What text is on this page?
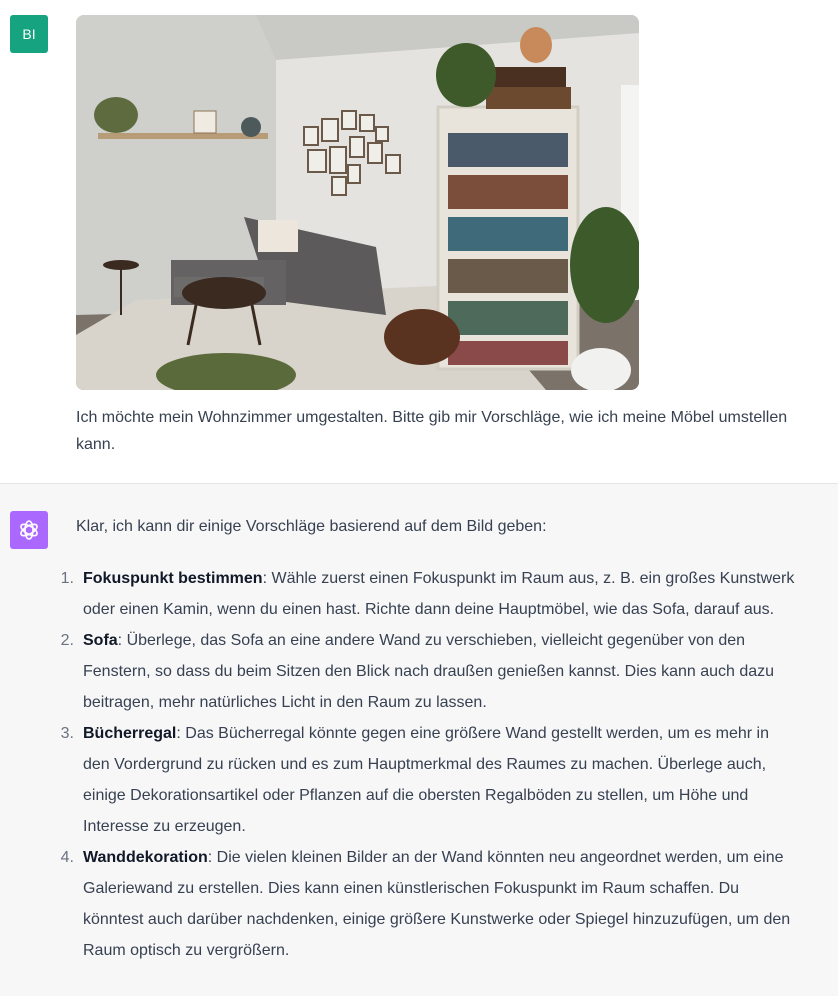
BI

Ich möchte mein Wohnzimmer umgestalten. Bitte gib mir Vorschläge, wie ich meine Möbel umstellen kann.

Klar, ich kann dir einige Vorschläge basierend auf dem Bild geben:

1. Fokuspunkt bestimmen: Wähle zuerst einen Fokuspunkt im Raum aus, z. B. ein großes Kunstwerk oder einen Kamin, wenn du einen hast. Richte dann deine Hauptmöbel, wie das Sofa, darauf aus.
2. Sofa: Überlege, das Sofa an eine andere Wand zu verschieben, vielleicht gegenüber von den Fenstern, so dass du beim Sitzen den Blick nach draußen genießen kannst. Dies kann auch dazu beitragen, mehr natürliches Licht in den Raum zu lassen.
3. Bücherregal: Das Bücherregal könnte gegen eine größere Wand gestellt werden, um es mehr in den Vordergrund zu rücken und es zum Hauptmerkmal des Raumes zu machen. Überlege auch, einige Dekorationsartikel oder Pflanzen auf die obersten Regalböden zu stellen, um Höhe und Interesse zu erzeugen.
4. Wanddekoration: Die vielen kleinen Bilder an der Wand könnten neu angeordnet werden, um eine Galeriewand zu erstellen. Dies kann einen künstlerischen Fokuspunkt im Raum schaffen. Du könntest auch darüber nachdenken, einige größere Kunstwerke oder Spiegel hinzuzufügen, um den Raum optisch zu vergrößern.
